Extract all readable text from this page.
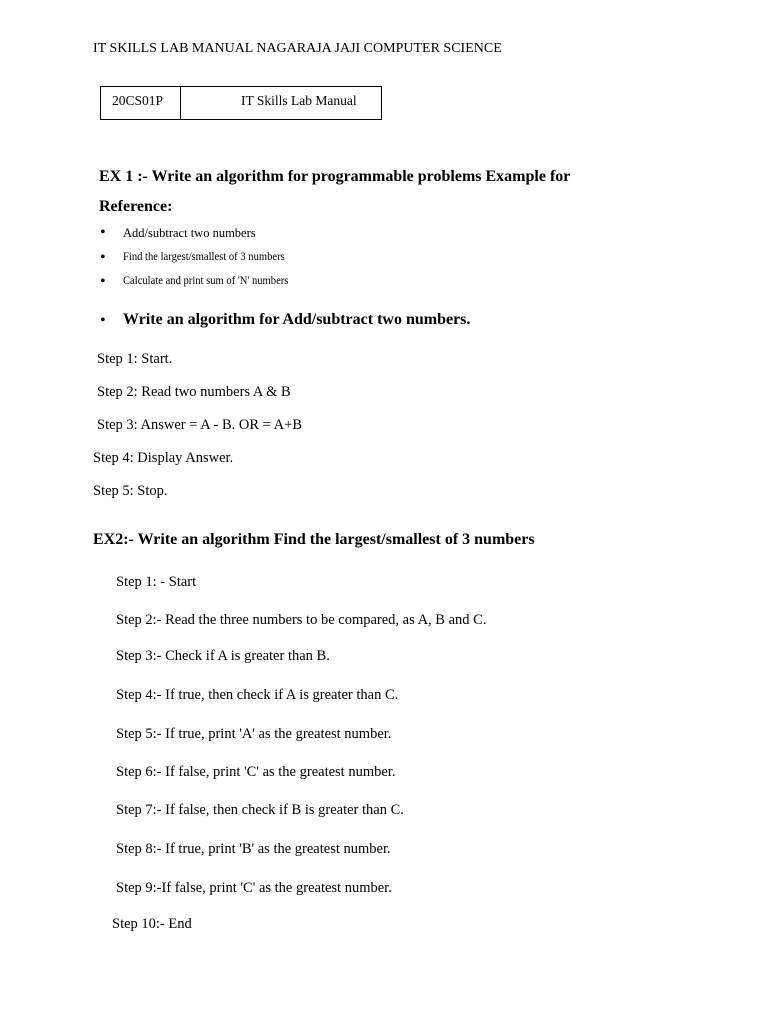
IT SKILLS LAB MANUAL NAGARAJA JAJI COMPUTER SCIENCE
20CS01P	IT Skills Lab Manual
EX 1 :- Write an algorithm for programmable problems Example for
Reference:
• Add/subtract two numbers
• Find the largest/smallest of 3 numbers
• Calculate and print sum of 'N' numbers
• Write an algorithm for Add/subtract two numbers.
Step 1: Start.
Step 2: Read two numbers A & B
Step 3: Answer = A - B. OR = A+B
Step 4: Display Answer.
Step 5: Stop.
EX2:- Write an algorithm Find the largest/smallest of 3 numbers
Step 1: - Start
Step 2:- Read the three numbers to be compared, as A, B and C.
Step 3:- Check if A is greater than B.
Step 4:- If true, then check if A is greater than C.
Step 5:- If true, print 'A' as the greatest number.
Step 6:- If false, print 'C' as the greatest number.
Step 7:- If false, then check if B is greater than C.
Step 8:- If true, print 'B' as the greatest number.
Step 9:-If false, print 'C' as the greatest number.
Step 10:- End
